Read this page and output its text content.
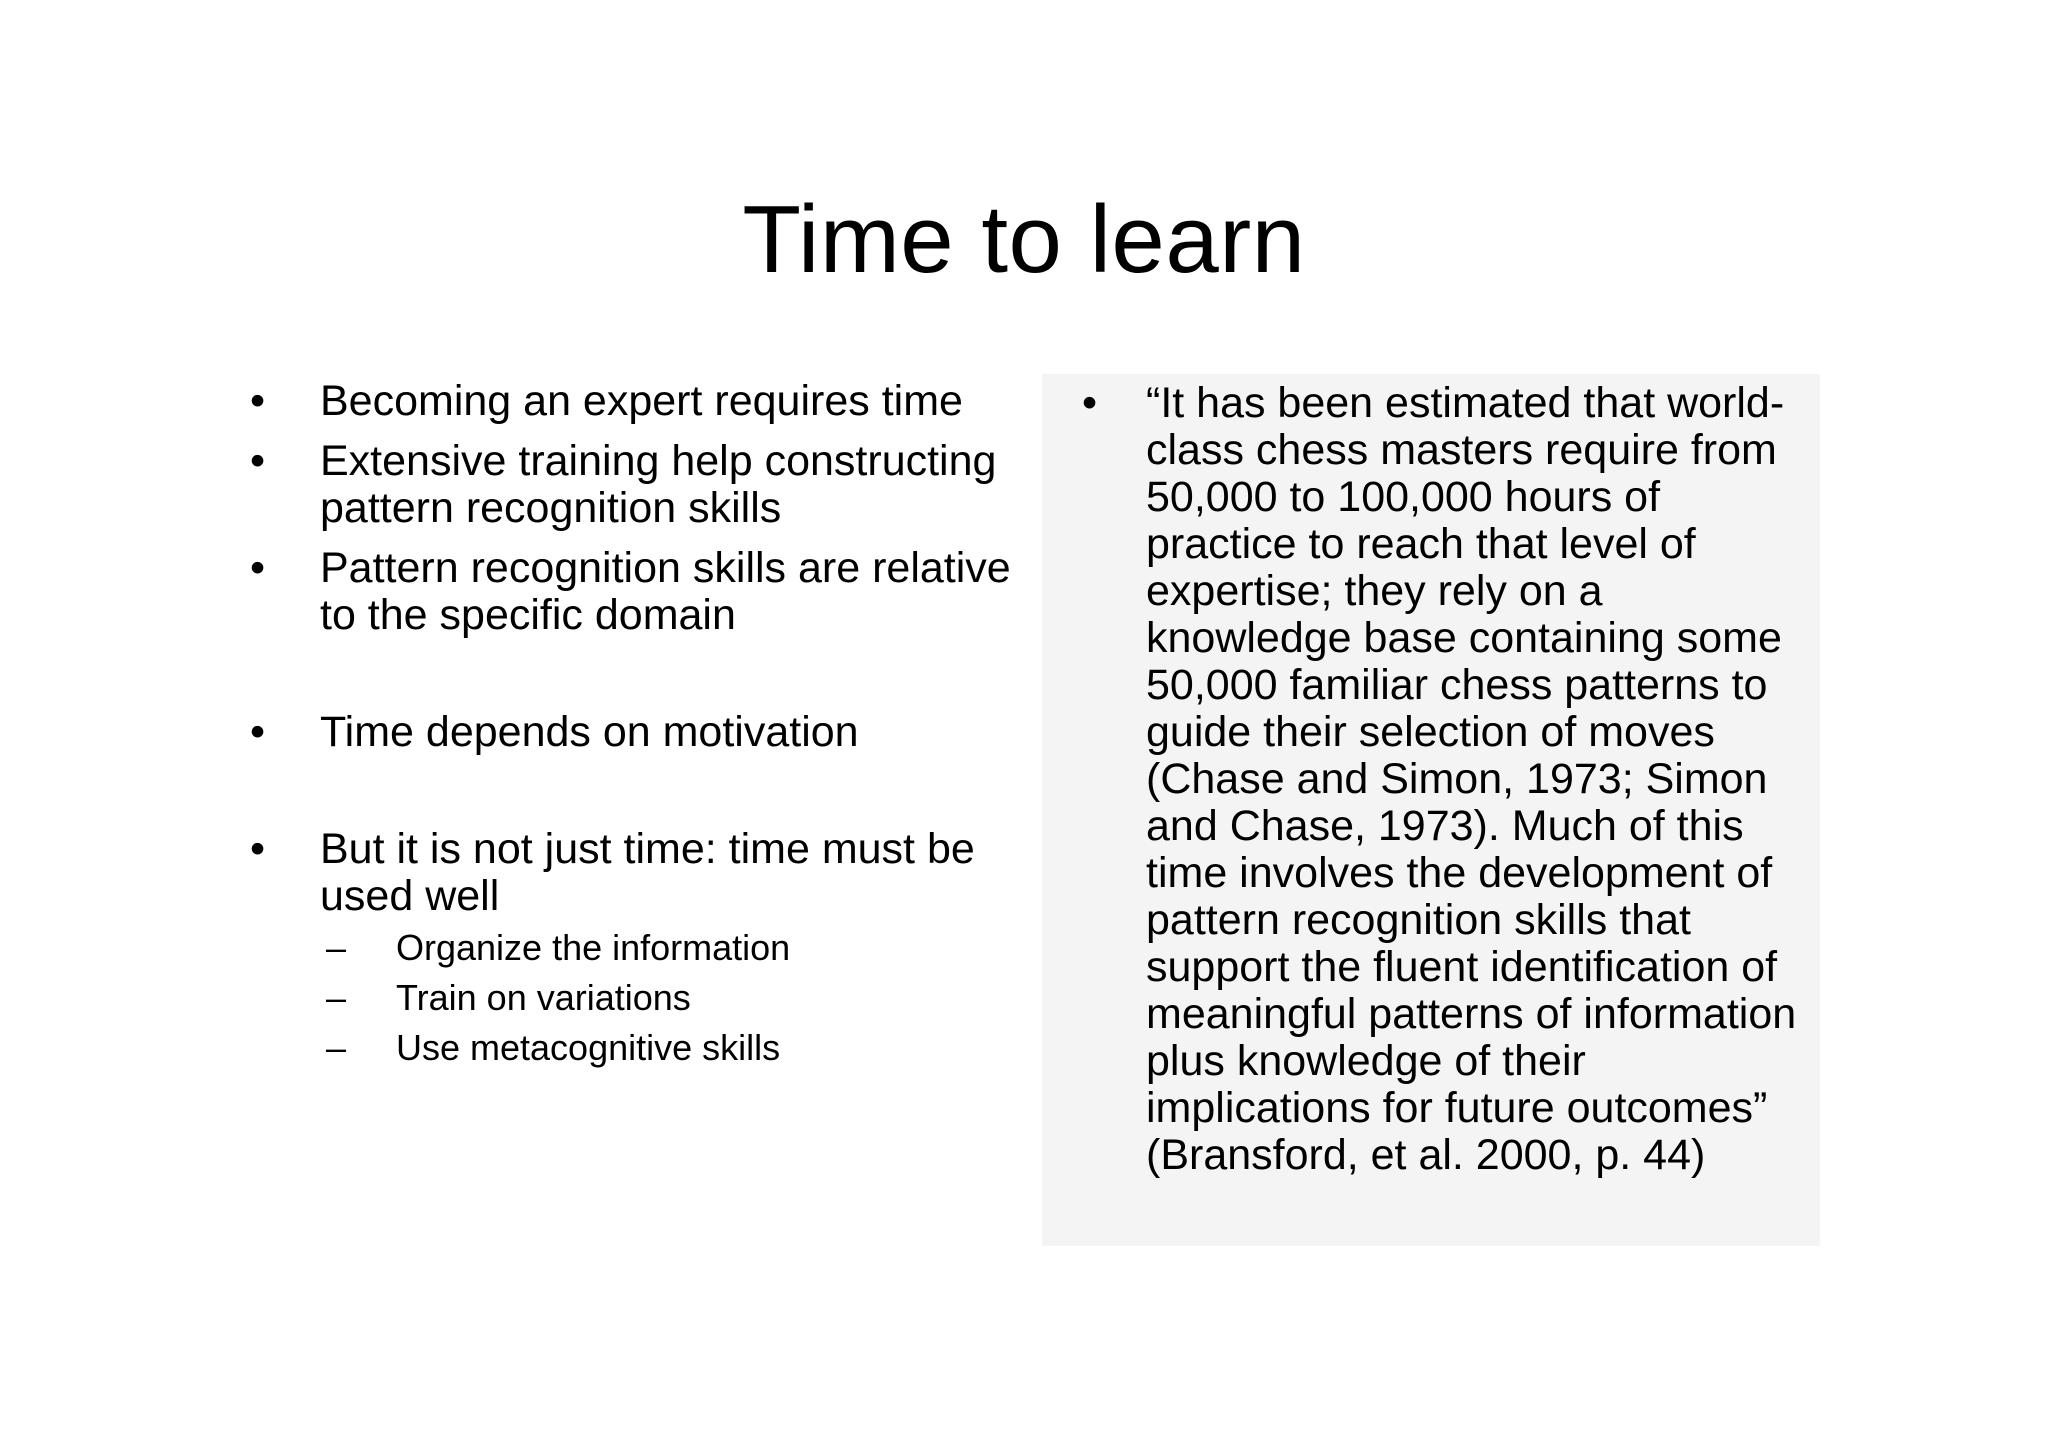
Time to learn
•	Becoming an expert requires time
•	Extensive training help constructing pattern recognition skills
•	Pattern recognition skills are relative to the specific domain
•	Time depends on motivation
•	But it is not just time: time must be used well
– Organize the information
– Train on variations
– Use metacognitive skills
• “It has been estimated that world-class chess masters require from 50,000 to 100,000 hours of practice to reach that level of expertise; they rely on a knowledge base containing some 50,000 familiar chess patterns to guide their selection of moves (Chase and Simon, 1973; Simon and Chase, 1973). Much of this time involves the development of pattern recognition skills that support the fluent identification of meaningful patterns of information plus knowledge of their implications for future outcomes” (Bransford, et al. 2000, p. 44)
